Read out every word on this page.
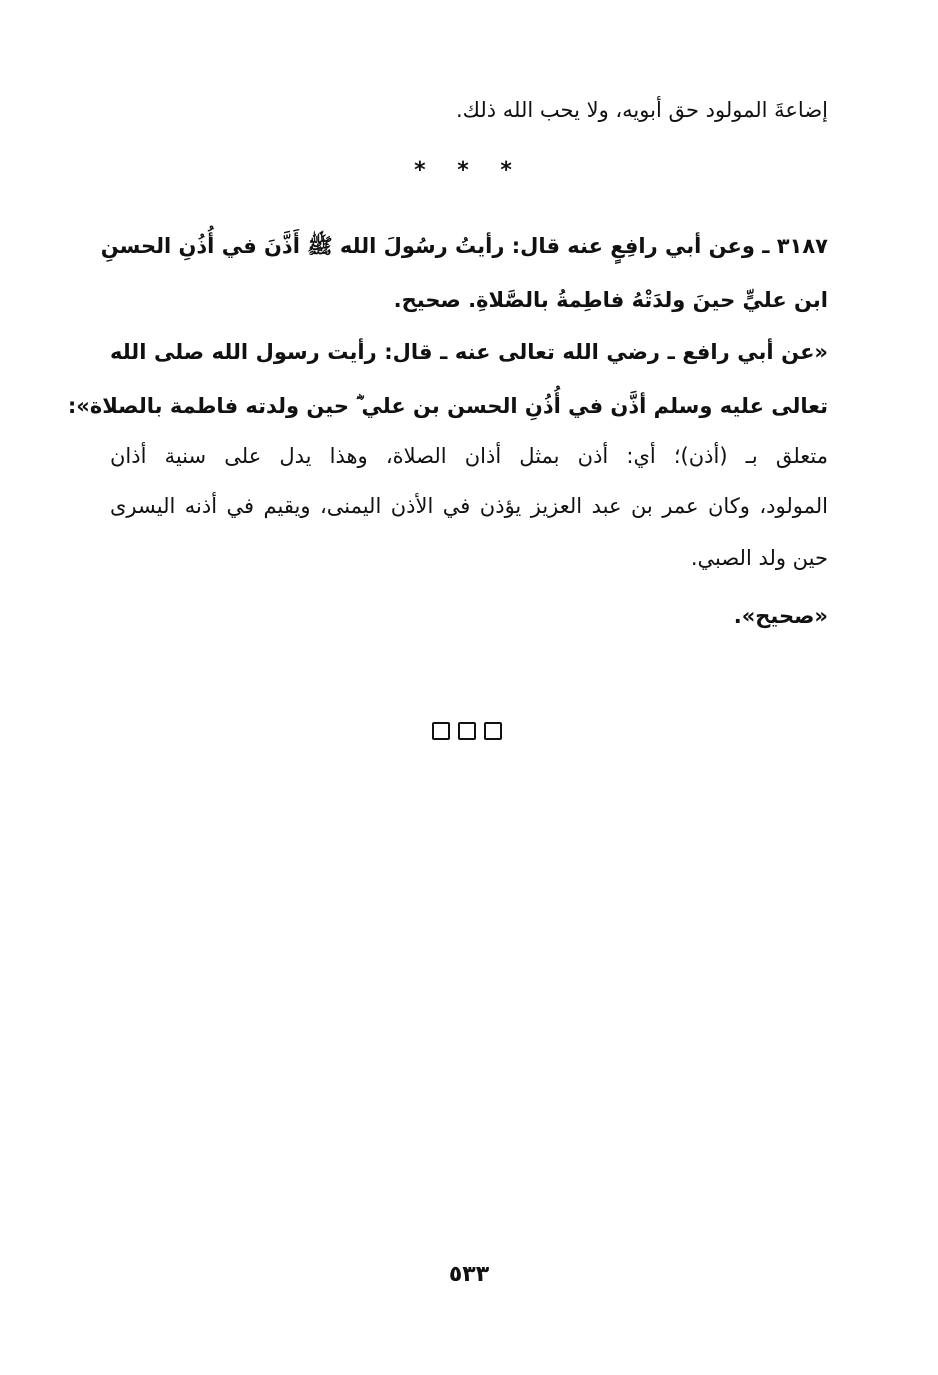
إضاعةَ المولود حق أبويه، ولا يحب الله ذلك.
* * *
٣١٨٧ ـ وعن أبي رافِعٍ عنه قال: رأيتُ رسُولَ الله ﷺ أَذَّنَ في أُذُنِ الحسنِ
ابن عليٍّ حينَ ولدَتْهُ فاطِمةُ بالصَّلاةِ. صحيح.
«عن أبي رافع ـ رضي الله تعالى عنه ـ قال: رأيت رسول الله صلى الله
تعالى عليه وسلم أذَّن في أُذُنِ الحسن بن علي ؓ حين ولدته فاطمة بالصلاة»:
متعلق بـ (أذن)؛ أي: أذن بمثل أذان الصلاة، وهذا يدل على سنية أذان
المولود، وكان عمر بن عبد العزيز يؤذن في الأذن اليمنى، ويقيم في أذنه اليسرى
حين ولد الصبي.
«صحيح».
٥٣٣
